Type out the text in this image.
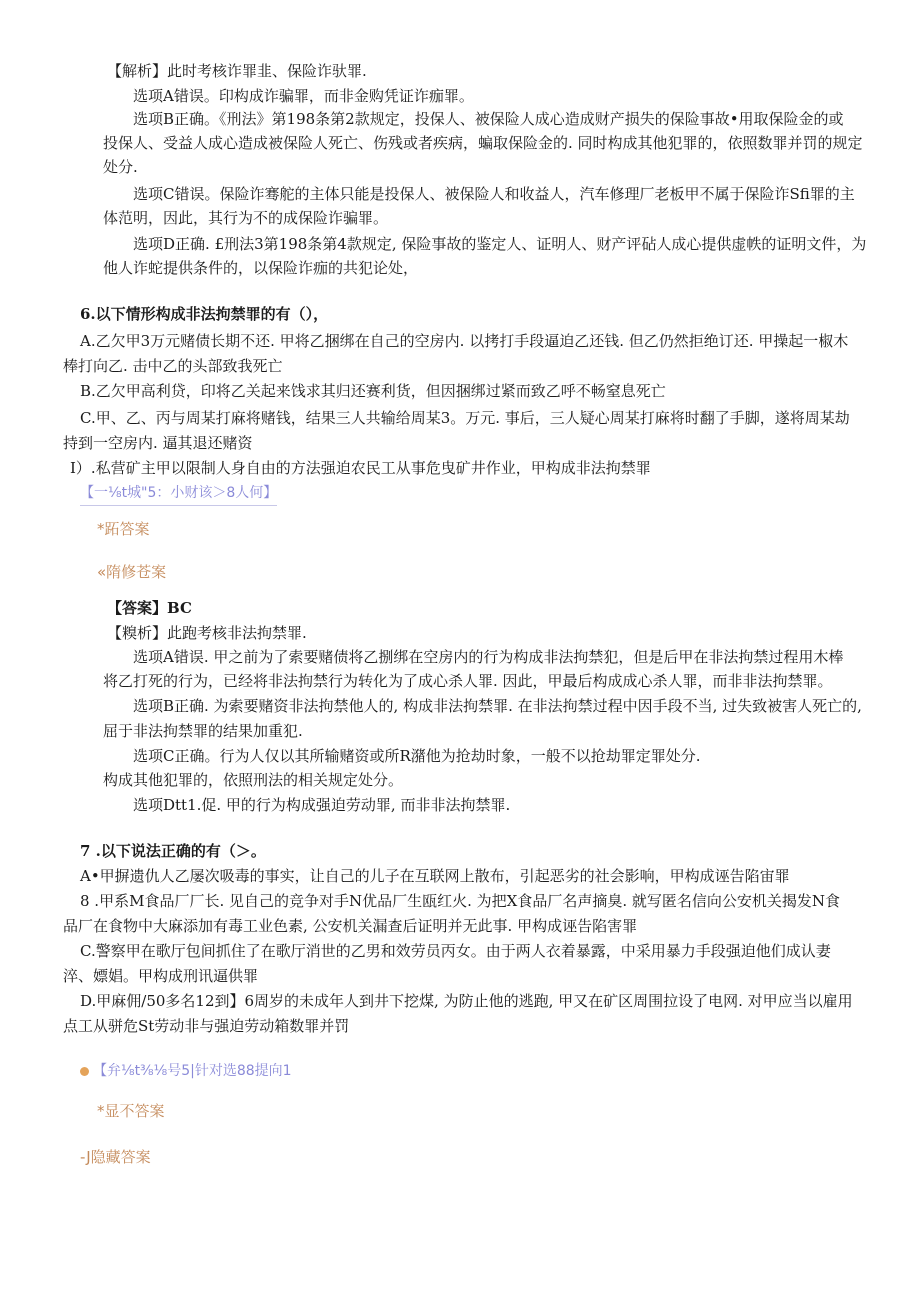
【解析】此时考核诈罪韭、保险诈驮罪.
选项A错误。印构成诈骗罪，而非金购凭证诈痂罪。
选项B正确。《刑法》第198条第2款规定，投保人、被保险人成心造成财产损失的保险事故•用取保险金的或
投保人、受益人成心造成被保险人死亡、伤残或者疾病，蝙取保险金的. 同时构成其他犯罪的，依照数罪并罚的规定
处分.
选项C错误。保险诈骞舵的主体只能是投保人、被保险人和收益人，汽车修理厂老板甲不属于保险诈Sfi罪的主
体范明，因此，其行为不的成保险诈骗罪。
选项D正确. £刑法3第198条第4款规定, 保险事故的鉴定人、证明人、财产评砧人成心提供虚帙的证明文件，为
他人诈蛇提供条件的，以保险诈痂的共犯论处，
6.以下情形构成非法拘禁罪的有（），
A.乙欠甲3万元赌债长期不还. 甲将乙捆绑在自己的空房内. 以拷打手段逼迫乙还钱. 但乙仍然拒绝订还. 甲操起一椒木
棒打向乙. 击中乙的头部致我死亡
B.乙欠甲高利贷，印将乙关起来饯求其归还赛利货，但因捆绑过紧而致乙呼不畅窒息死亡
C.甲、乙、丙与周某打麻将赌钱，结果三人共输给周某3。万元. 事后，三人疑心周某打麻将时翻了手脚，遂将周某劫
持到一空房内. 逼其退还赌资
I）.私营矿主甲以限制人身自由的方法强迫农民工从事危曳矿井作业，甲构成非法拘禁罪
【一⅛t城"5：小财该＞8人何】
*跖答案
«隋修苍案
【答案】BC
【糗析】此跑考核非法拘禁罪.
选项A错误. 甲之前为了索要赌债将乙捌绑在空房内的行为构成非法拘禁犯，但是后甲在非法拘禁过程用木棒
将乙打死的行为，已经将非法拘禁行为转化为了成心杀人罪. 因此，甲最后构成成心杀人罪，而非非法拘禁罪。
选项B正确. 为索要赌资非法拘禁他人的, 构成非法拘禁罪. 在非法拘禁过程中因手段不当, 过失致被害人死亡的,
屈于非法拘禁罪的结果加重犯.
选项C正确。行为人仅以其所输赌资或所R潴他为抢劫时象，一般不以抢劫罪定罪处分.
构成其他犯罪的，依照刑法的相关规定处分。
选项Dtt1.促. 甲的行为构成强迫劳动罪, 而非非法拘禁罪.
7 .以下说法正确的有（＞。
A•甲摒遗仇人乙屡次吸毒的事实，让自己的儿子在互联网上散布，引起恶劣的社会影响，甲构成诬告陷宙罪
8 .甲系M食品厂厂长. 见自己的竞争对手N优品厂生瓯红火. 为把X食品厂名声摘臭. 就写匿名信向公安机关揭发N食
品厂在食物中大麻添加有毒工业色素, 公安机关漏查后证明并无此事. 甲构成诬告陷害罪
C.警察甲在歌厅包间抓住了在歌厅消世的乙男和效劳员丙女。由于两人衣着暴露，中采用暴力手段强迫他们成认妻
淬、嫖娼。甲构成刑讯逼供罪
D.甲麻佣/50多名12到】6周岁的未成年人到井下挖煤, 为防止他的逃跑, 甲又在矿区周围拉设了电网. 对甲应当以雇用
点工从骈危St劳动非与强迫劳动箱数罪并罚
【弁⅛t⅜⅛号5|针对选88提向1
*显不答案
-J隐藏答案
